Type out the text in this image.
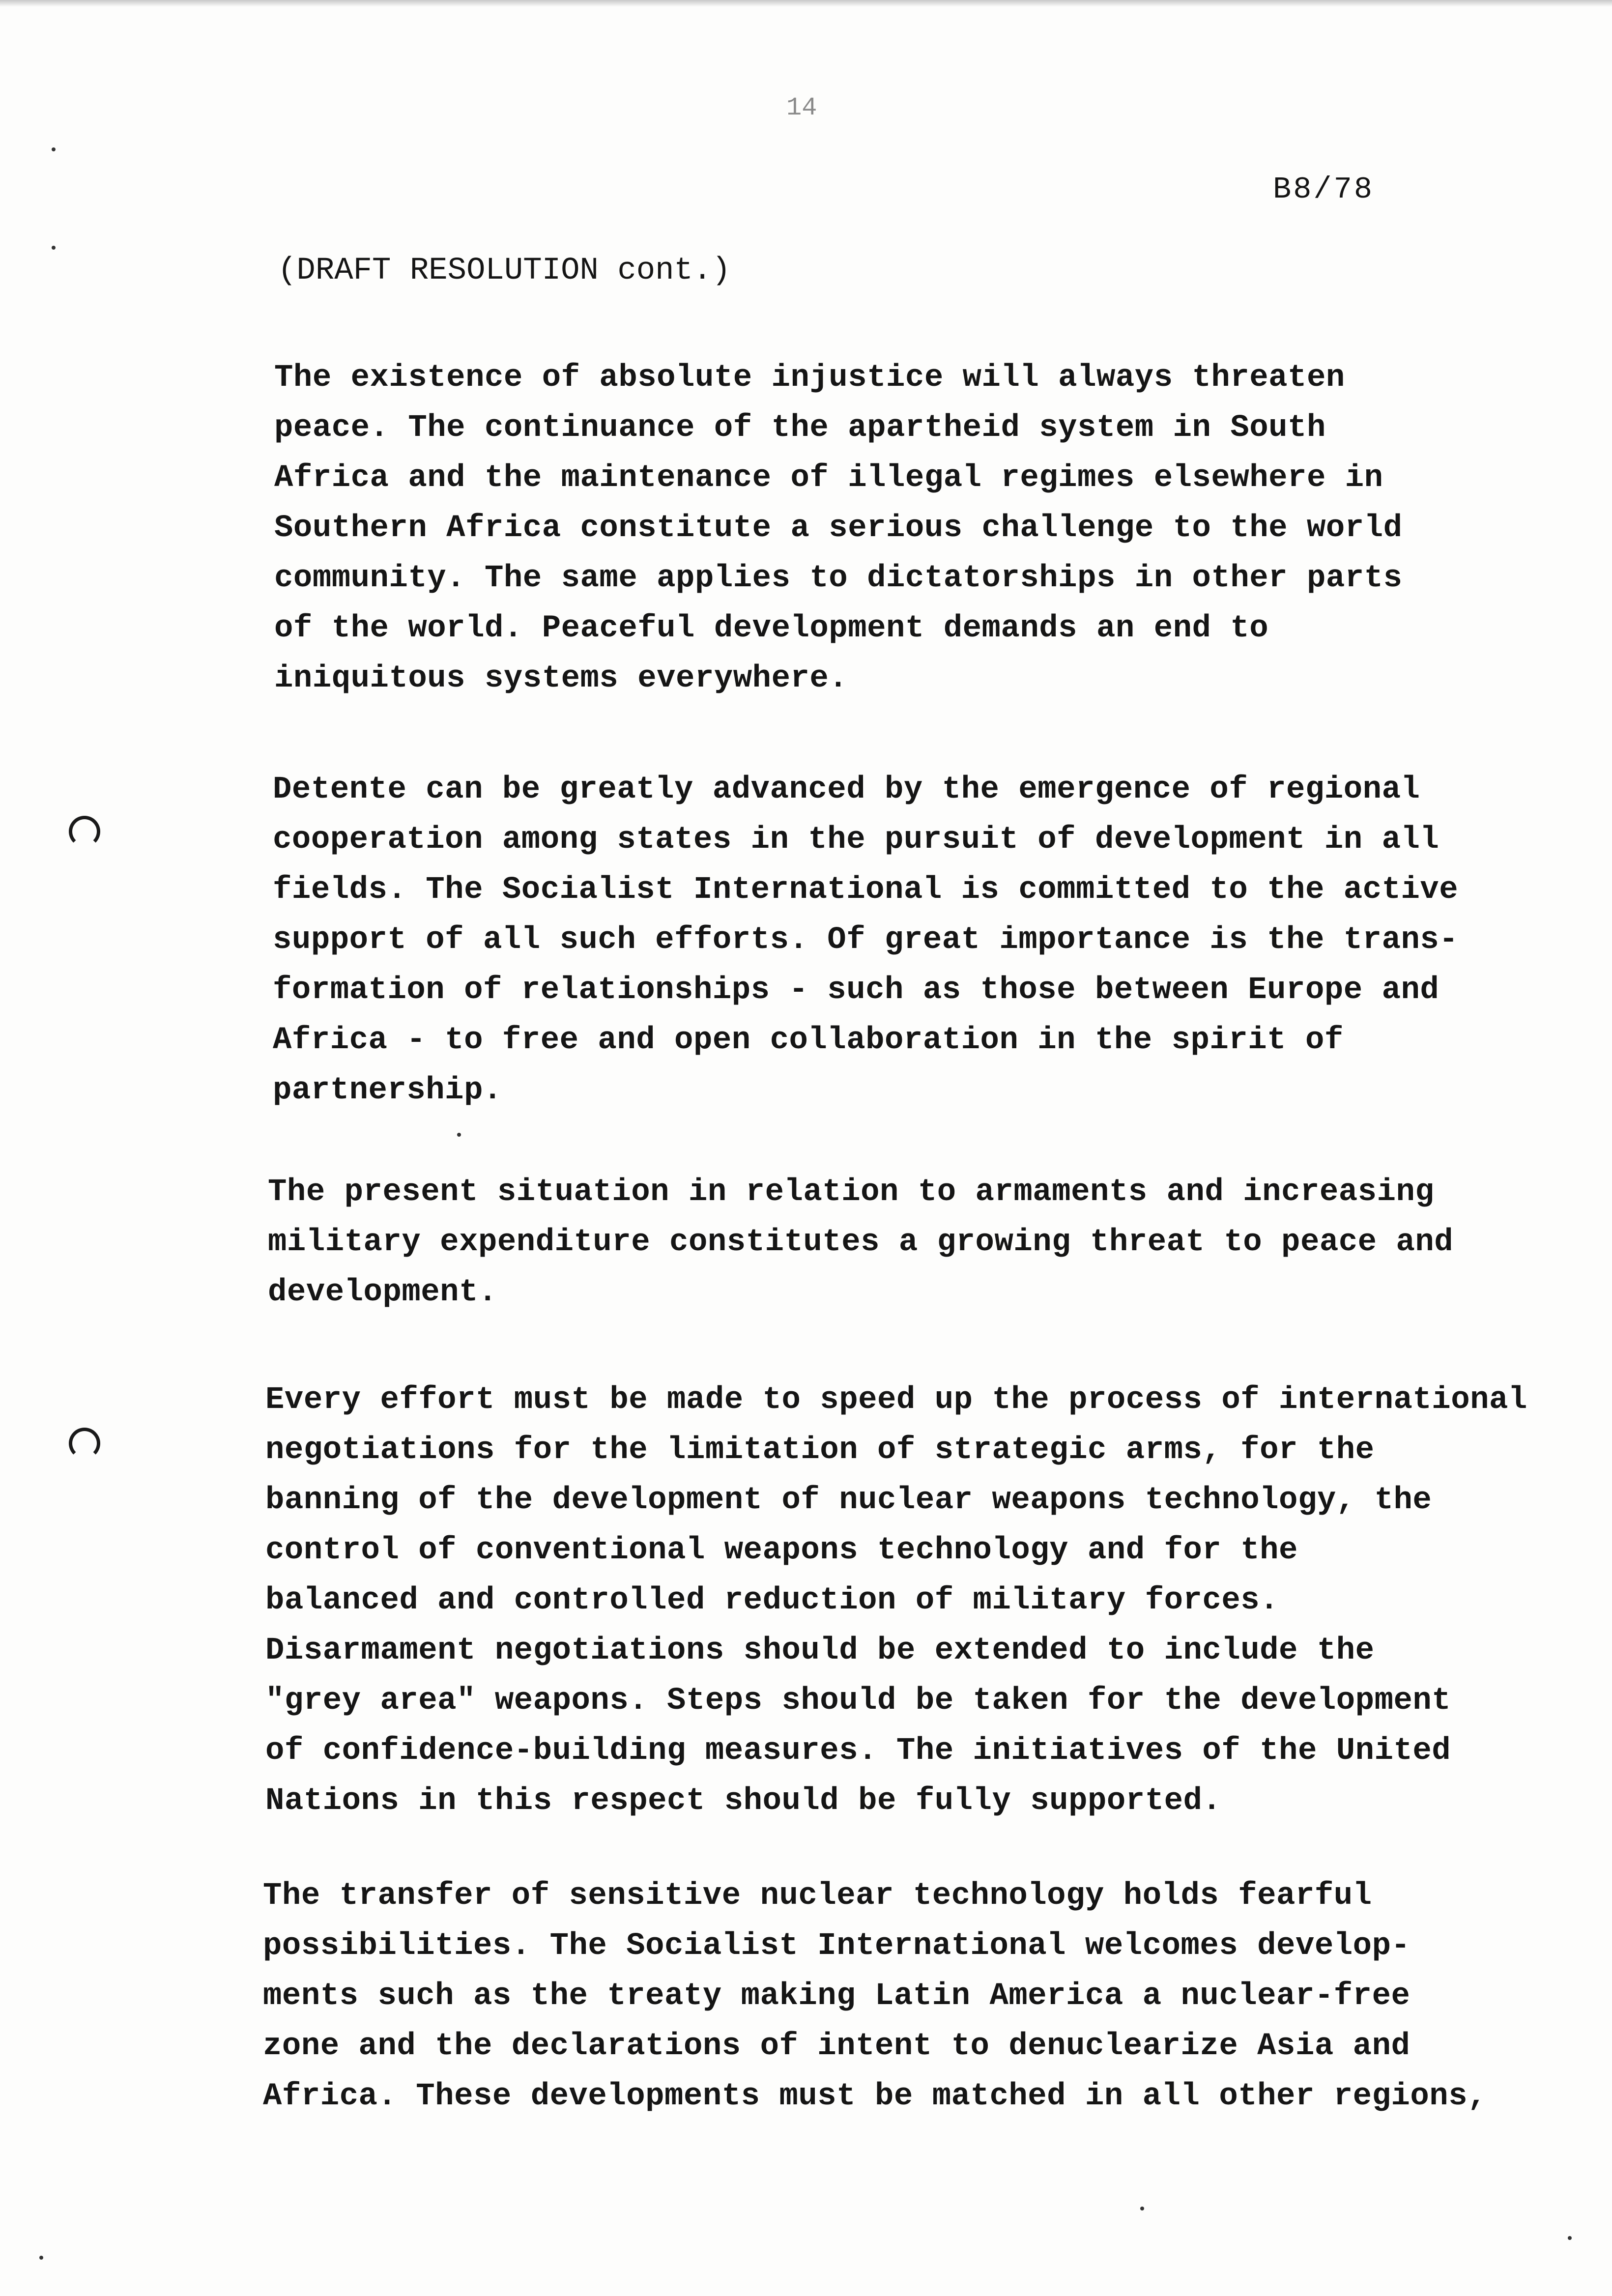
14
B8/78
(DRAFT RESOLUTION cont.)

The existence of absolute injustice will always threaten
peace. The continuance of the apartheid system in South
Africa and the maintenance of illegal regimes elsewhere in
Southern Africa constitute a serious challenge to the world
community. The same applies to dictatorships in other parts
of the world. Peaceful development demands an end to
iniquitous systems everywhere.

Detente can be greatly advanced by the emergence of regional
cooperation among states in the pursuit of development in all
fields. The Socialist International is committed to the active
support of all such efforts. Of great importance is the trans-
formation of relationships - such as those between Europe and
Africa - to free and open collaboration in the spirit of
partnership.

The present situation in relation to armaments and increasing
military expenditure constitutes a growing threat to peace and
development.

Every effort must be made to speed up the process of international
negotiations for the limitation of strategic arms, for the
banning of the development of nuclear weapons technology, the
control of conventional weapons technology and for the
balanced and controlled reduction of military forces.
Disarmament negotiations should be extended to include the
"grey area" weapons. Steps should be taken for the development
of confidence-building measures. The initiatives of the United
Nations in this respect should be fully supported.

The transfer of sensitive nuclear technology holds fearful
possibilities. The Socialist International welcomes develop-
ments such as the treaty making Latin America a nuclear-free
zone and the declarations of intent to denuclearize Asia and
Africa. These developments must be matched in all other regions,
